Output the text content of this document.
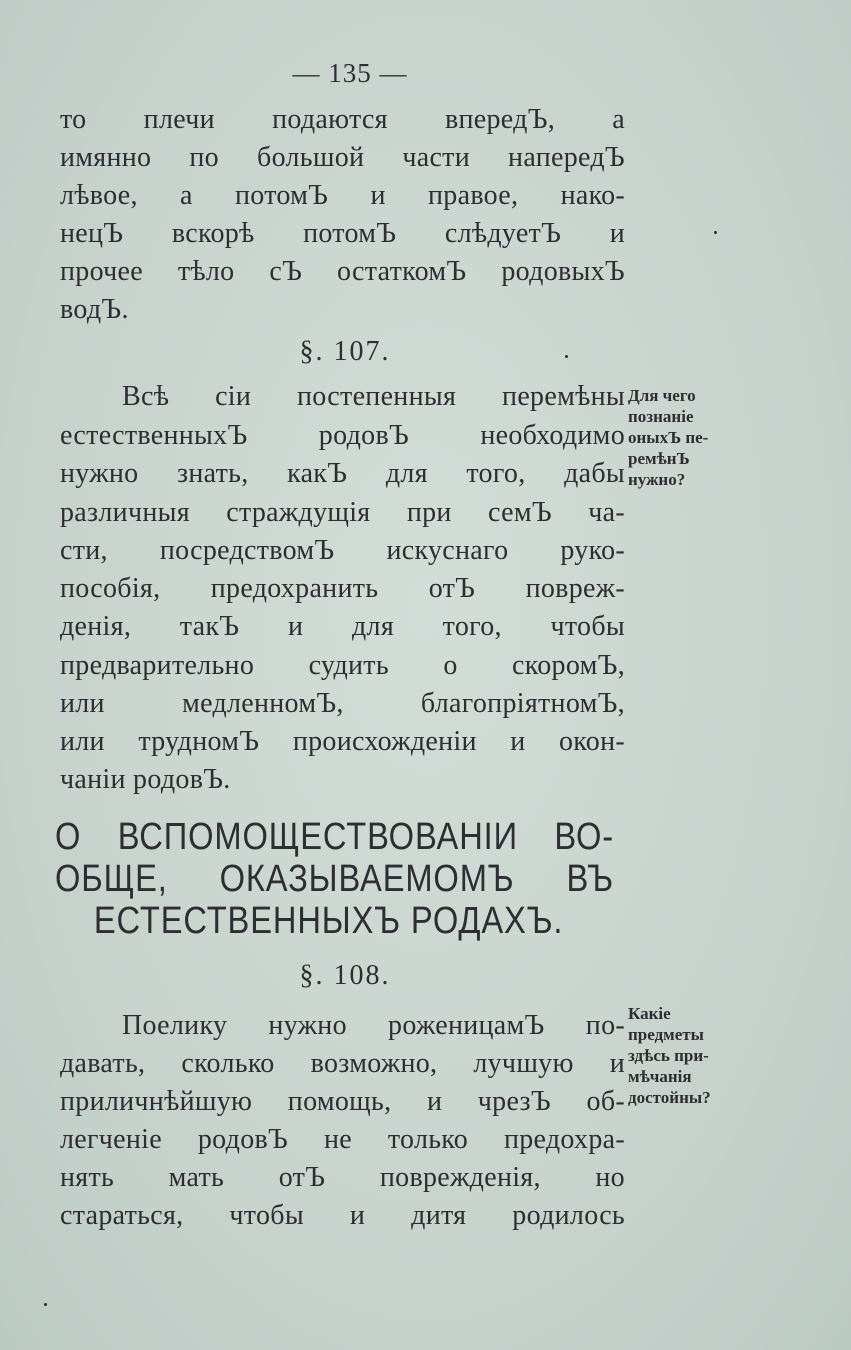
— 135 —
то плечи подаются впередЪ, а
имянно по большой части напередЪ
лѣвое, а потомЪ и правое, нако-
нецЪ вскорѣ потомЪ слѣдуетЪ и
прочее тѣло сЪ остаткомЪ родовыхЪ
водЪ.
§. 107.
Всѣ сіи постепенныя перемѣны
естественныхЪ родовЪ необходимо
нужно знать, какЪ для того, дабы
различныя страждущія при семЪ ча-
сти, посредствомЪ искуснаго руко-
пособія, предохранить отЪ повреж-
денія, такЪ и для того, чтобы
предварительно судить о скоромЪ,
или медленномЪ, благопріятномЪ,
или трудномЪ происхожденіи и окон-
чаніи родовЪ.
Для чего
познаніе
оныхЪ пе-
ремѣнЪ
нужно?
О ВСПОМОЩЕСТВОВАНІИ ВО-
ОБЩЕ, ОКАЗЫВАЕМОМЪ ВЪ
ЕСТЕСТВЕННЫХЪ РОДАХЪ.
§. 108.
Поелику нужно роженицамЪ по-
давать, сколько возможно, лучшую и
приличнѣйшую помощь, и чрезЪ об-
легченіе родовЪ не только предохра-
нять мать отЪ поврежденія, но
стараться, чтобы и дитя родилось
Какіе
предметы
здѣсь при-
мѣчанія
достойны?
